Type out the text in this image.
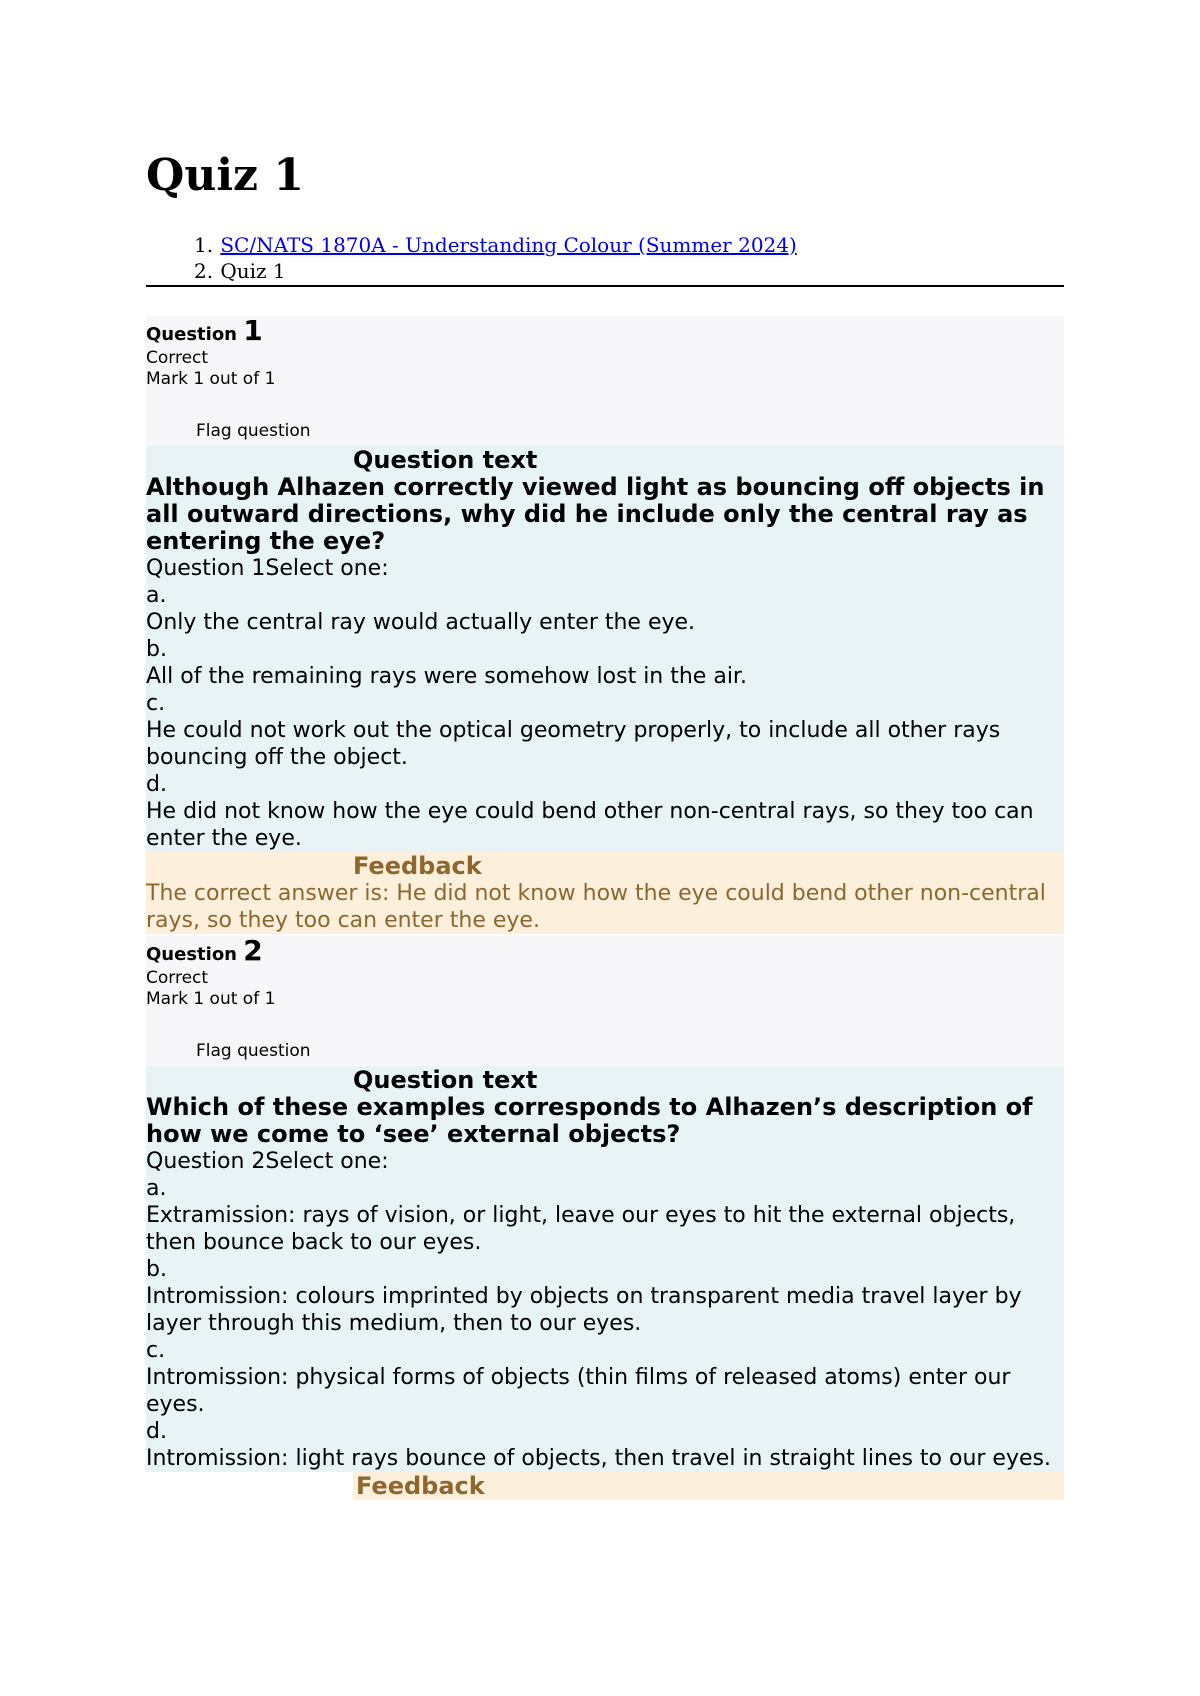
Quiz 1
1. SC/NATS 1870A - Understanding Colour (Summer 2024)
2. Quiz 1
Question 1
Correct
Mark 1 out of 1
Flag question
Question text
Although Alhazen correctly viewed light as bouncing off objects in all outward directions, why did he include only the central ray as entering the eye?
Question 1Select one:
a.
Only the central ray would actually enter the eye.
b.
All of the remaining rays were somehow lost in the air.
c.
He could not work out the optical geometry properly, to include all other rays bouncing off the object.
d.
He did not know how the eye could bend other non-central rays, so they too can enter the eye.
Feedback
The correct answer is: He did not know how the eye could bend other non-central rays, so they too can enter the eye.
Question 2
Correct
Mark 1 out of 1
Flag question
Question text
Which of these examples corresponds to Alhazen’s description of how we come to ‘see’ external objects?
Question 2Select one:
a.
Extramission: rays of vision, or light, leave our eyes to hit the external objects, then bounce back to our eyes.
b.
Intromission: colours imprinted by objects on transparent media travel layer by layer through this medium, then to our eyes.
c.
Intromission: physical forms of objects (thin films of released atoms) enter our eyes.
d.
Intromission: light rays bounce of objects, then travel in straight lines to our eyes.
Feedback
